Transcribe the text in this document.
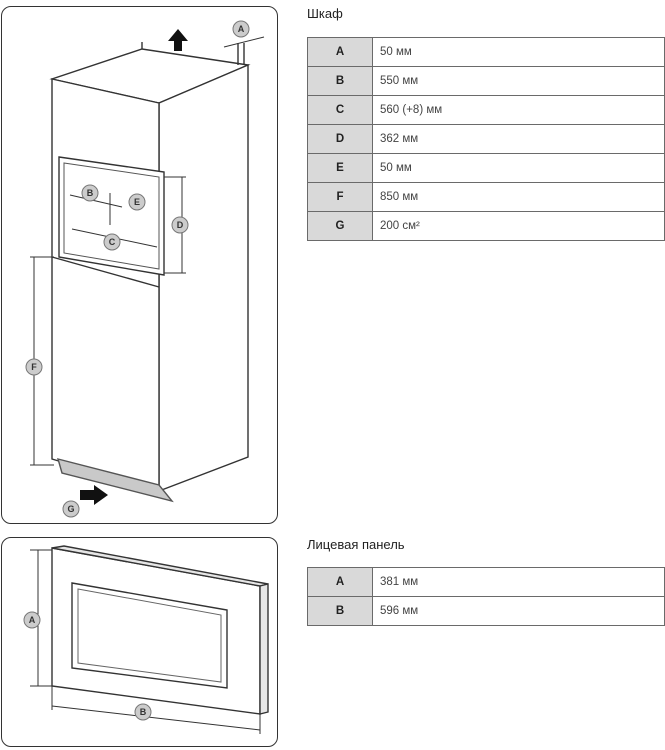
A
B
E
C
D
F
G
A
B
Шкаф
A	50 мм
B	550 мм
C	560 (+8) мм
D	362 мм
E	50 мм
F	850 мм
G	200 см²
Лицевая панель
A	381 мм
B	596 мм
